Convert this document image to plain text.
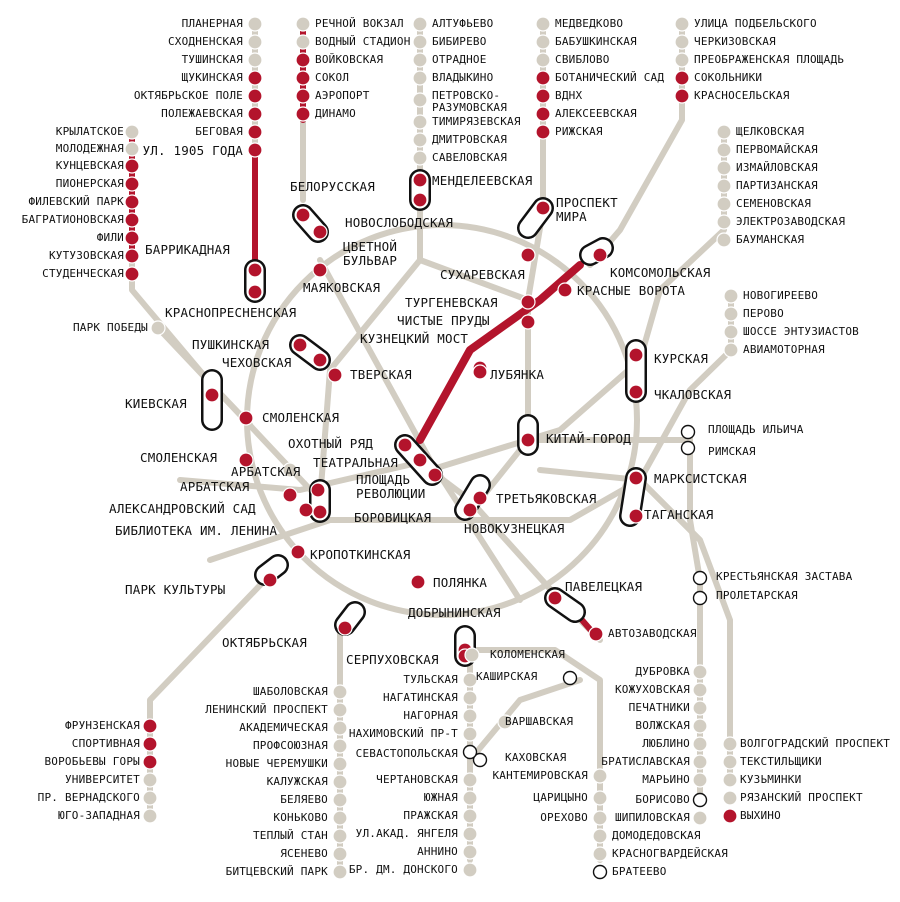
ПЛАНЕРНАЯ
СХОДНЕНСКАЯ
ТУШИНСКАЯ
ЩУКИНСКАЯ
ОКТЯБРЬСКОЕ ПОЛЕ
ПОЛЕЖАЕВСКАЯ
БЕГОВАЯ
УЛ. 1905 ГОДА
КРЫЛАТСКОЕ
МОЛОДЕЖНАЯ
КУНЦЕВСКАЯ
ПИОНЕРСКАЯ
ФИЛЕВСКИЙ ПАРК
БАГРАТИОНОВСКАЯ
ФИЛИ
КУТУЗОВСКАЯ
СТУДЕНЧЕСКАЯ
БАРРИКАДНАЯ
ПАРК ПОБЕДЫ
КРАСНОПРЕСНЕНСКАЯ
РЕЧНОЙ ВОКЗАЛ
ВОДНЫЙ СТАДИОН
ВОЙКОВСКАЯ
СОКОЛ
АЭРОПОРТ
ДИНАМО
БЕЛОРУССКАЯ
НОВОСЛОБОДСКАЯ
МЕНДЕЛЕЕВСКАЯ
ЦВЕТНОЙ
БУЛЬВАР
МАЯКОВСКАЯ
АЛТУФЬЕВО
БИБИРЕВО
ОТРАДНОЕ
ВЛАДЫКИНО
ПЕТРОВСКО-
РАЗУМОВСКАЯ
ТИМИРЯЗЕВСКАЯ
ДМИТРОВСКАЯ
САВЕЛОВСКАЯ
МЕДВЕДКОВО
БАБУШКИНСКАЯ
СВИБЛОВО
БОТАНИЧЕСКИЙ САД
ВДНХ
АЛЕКСЕЕВСКАЯ
РИЖСКАЯ
ПРОСПЕКТ
МИРА
СУХАРЕВСКАЯ
УЛИЦА ПОДБЕЛЬСКОГО
ЧЕРКИЗОВСКАЯ
ПРЕОБРАЖЕНСКАЯ ПЛОЩАДЬ
СОКОЛЬНИКИ
КРАСНОСЕЛЬСКАЯ
КОМСОМОЛЬСКАЯ
КРАСНЫЕ ВОРОТА
ЩЕЛКОВСКАЯ
ПЕРВОМАЙСКАЯ
ИЗМАЙЛОВСКАЯ
ПАРТИЗАНСКАЯ
СЕМЕНОВСКАЯ
ЭЛЕКТРОЗАВОДСКАЯ
БАУМАНСКАЯ
НОВОГИРЕЕВО
ПЕРОВО
ШОССЕ ЭНТУЗИАСТОВ
АВИАМОТОРНАЯ
КУРСКАЯ
ЧКАЛОВСКАЯ
ПЛОЩАДЬ ИЛЬИЧА
РИМСКАЯ
ТУРГЕНЕВСКАЯ
ЧИСТЫЕ ПРУДЫ
КУЗНЕЦКИЙ МОСТ
ЛУБЯНКА
КИТАЙ-ГОРОД
ПУШКИНСКАЯ
ЧЕХОВСКАЯ
ТВЕРСКАЯ
КИЕВСКАЯ
СМОЛЕНСКАЯ
СМОЛЕНСКАЯ
АРБАТСКАЯ
АРБАТСКАЯ
ОХОТНЫЙ РЯД
ТЕАТРАЛЬНАЯ
ПЛОЩАДЬ
РЕВОЛЮЦИИ
БОРОВИЦКАЯ
АЛЕКСАНДРОВСКИЙ САД
БИБЛИОТЕКА ИМ. ЛЕНИНА
КРОПОТКИНСКАЯ
ТРЕТЬЯКОВСКАЯ
НОВОКУЗНЕЦКАЯ
МАРКСИСТСКАЯ
ТАГАНСКАЯ
КРЕСТЬЯНСКАЯ ЗАСТАВА
ПРОЛЕТАРСКАЯ
ПАРК КУЛЬТУРЫ	ПОЛЯНКА	ПАВЕЛЕЦКАЯ
ДОБРЫНИНСКАЯ
АВТОЗАВОДСКАЯ
ОКТЯБРЬСКАЯ
СЕРПУХОВСКАЯ	КОЛОМЕНСКАЯ
КАШИРСКАЯ
ВАРШАВСКАЯ
КАХОВСКАЯ
КАНТЕМИРОВСКАЯ
ЦАРИЦЫНО
ОРЕХОВО
ДОМОДЕДОВСКАЯ
КРАСНОГВАРДЕЙСКАЯ
БРАТЕЕВО
ШИПИЛОВСКАЯ
БОРИСОВО
МАРЬИНО
БРАТИСЛАВСКАЯ
ЛЮБЛИНО
ВОЛЖСКАЯ
ПЕЧАТНИКИ
КОЖУХОВСКАЯ
ДУБРОВКА
ВОЛГОГРАДСКИЙ ПРОСПЕКТ
ТЕКСТИЛЬЩИКИ
КУЗЬМИНКИ
РЯЗАНСКИЙ ПРОСПЕКТ
ВЫХИНО
ТУЛЬСКАЯ
НАГАТИНСКАЯ
НАГОРНАЯ
НАХИМОВСКИЙ ПР-Т
СЕВАСТОПОЛЬСКАЯ
ЧЕРТАНОВСКАЯ
ЮЖНАЯ
ПРАЖСКАЯ
УЛ.АКАД. ЯНГЕЛЯ
АННИНО
БР. ДМ. ДОНСКОГО
ШАБОЛОВСКАЯ
ЛЕНИНСКИЙ ПРОСПЕКТ
АКАДЕМИЧЕСКАЯ
ПРОФСОЮЗНАЯ
НОВЫЕ ЧЕРЕМУШКИ
КАЛУЖСКАЯ
БЕЛЯЕВО
КОНЬКОВО
ТЕПЛЫЙ СТАН
ЯСЕНЕВО
БИТЦЕВСКИЙ ПАРК
ФРУНЗЕНСКАЯ
СПОРТИВНАЯ
ВОРОБЬЕВЫ ГОРЫ
УНИВЕРСИТЕТ
ПР. ВЕРНАДСКОГО
ЮГО-ЗАПАДНАЯ
